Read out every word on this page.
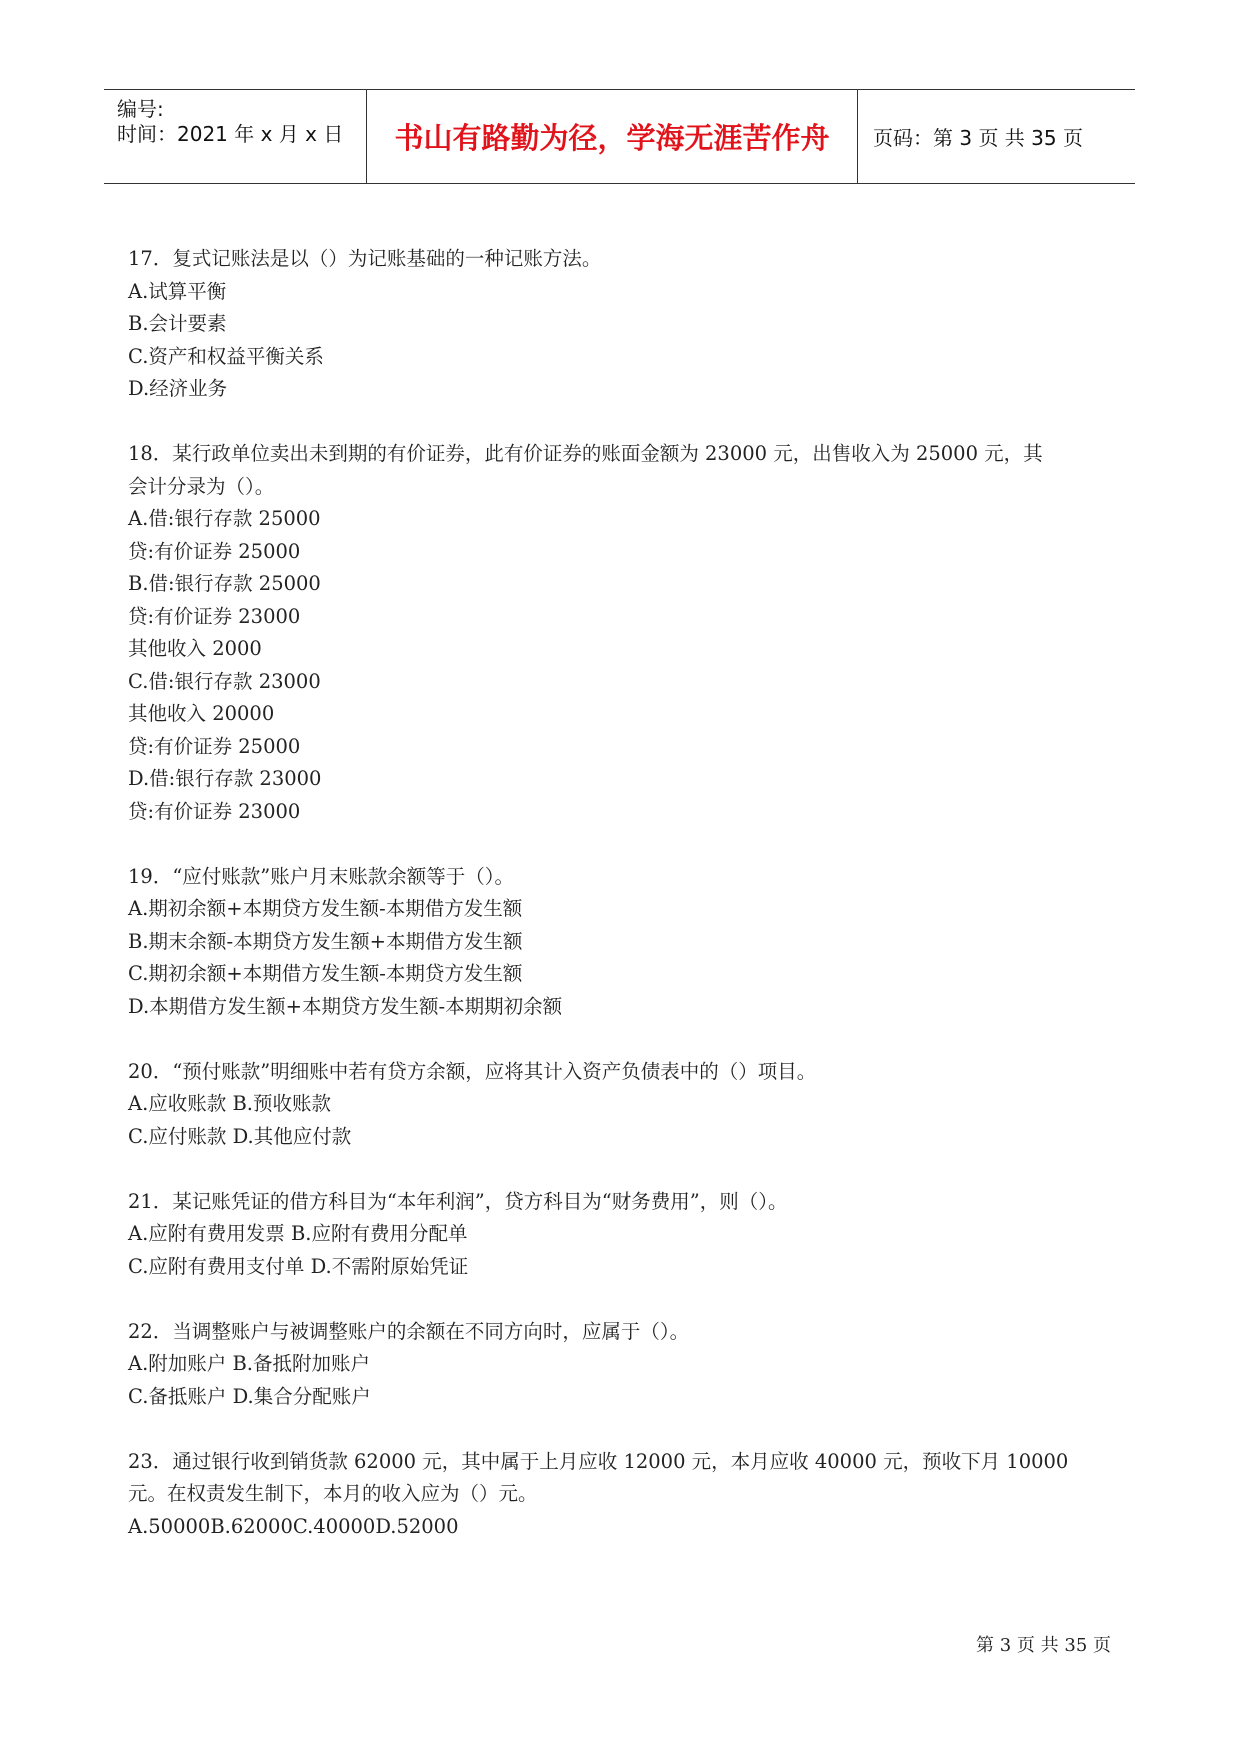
编号:
时间：2021 年 x 月 x 日	书山有路勤为径，学海无涯苦作舟	页码：第 3 页 共 35 页
17．复式记账法是以（）为记账基础的一种记账方法。
A.试算平衡
B.会计要素
C.资产和权益平衡关系
D.经济业务
18．某行政单位卖出未到期的有价证券，此有价证券的账面金额为 23000 元，出售收入为 25000 元，其
会计分录为（）。
A.借:银行存款 25000
贷:有价证券 25000
B.借:银行存款 25000
贷:有价证券 23000
其他收入 2000
C.借:银行存款 23000
其他收入 20000
贷:有价证券 25000
D.借:银行存款 23000
贷:有价证券 23000
19．“应付账款”账户月末账款余额等于（）。
A.期初余额+本期贷方发生额-本期借方发生额
B.期末余额-本期贷方发生额+本期借方发生额
C.期初余额+本期借方发生额-本期贷方发生额
D.本期借方发生额+本期贷方发生额-本期期初余额
20．“预付账款”明细账中若有贷方余额，应将其计入资产负债表中的（）项目。
A.应收账款 B.预收账款
C.应付账款 D.其他应付款
21．某记账凭证的借方科目为“本年利润”，贷方科目为“财务费用”，则（）。
A.应附有费用发票 B.应附有费用分配单
C.应附有费用支付单 D.不需附原始凭证
22．当调整账户与被调整账户的余额在不同方向时，应属于（）。
A.附加账户 B.备抵附加账户
C.备抵账户 D.集合分配账户
23．通过银行收到销货款 62000 元，其中属于上月应收 12000 元，本月应收 40000 元，预收下月 10000
元。在权责发生制下，本月的收入应为（）元。
A.50000B.62000C.40000D.52000
第 3 页 共 35 页
